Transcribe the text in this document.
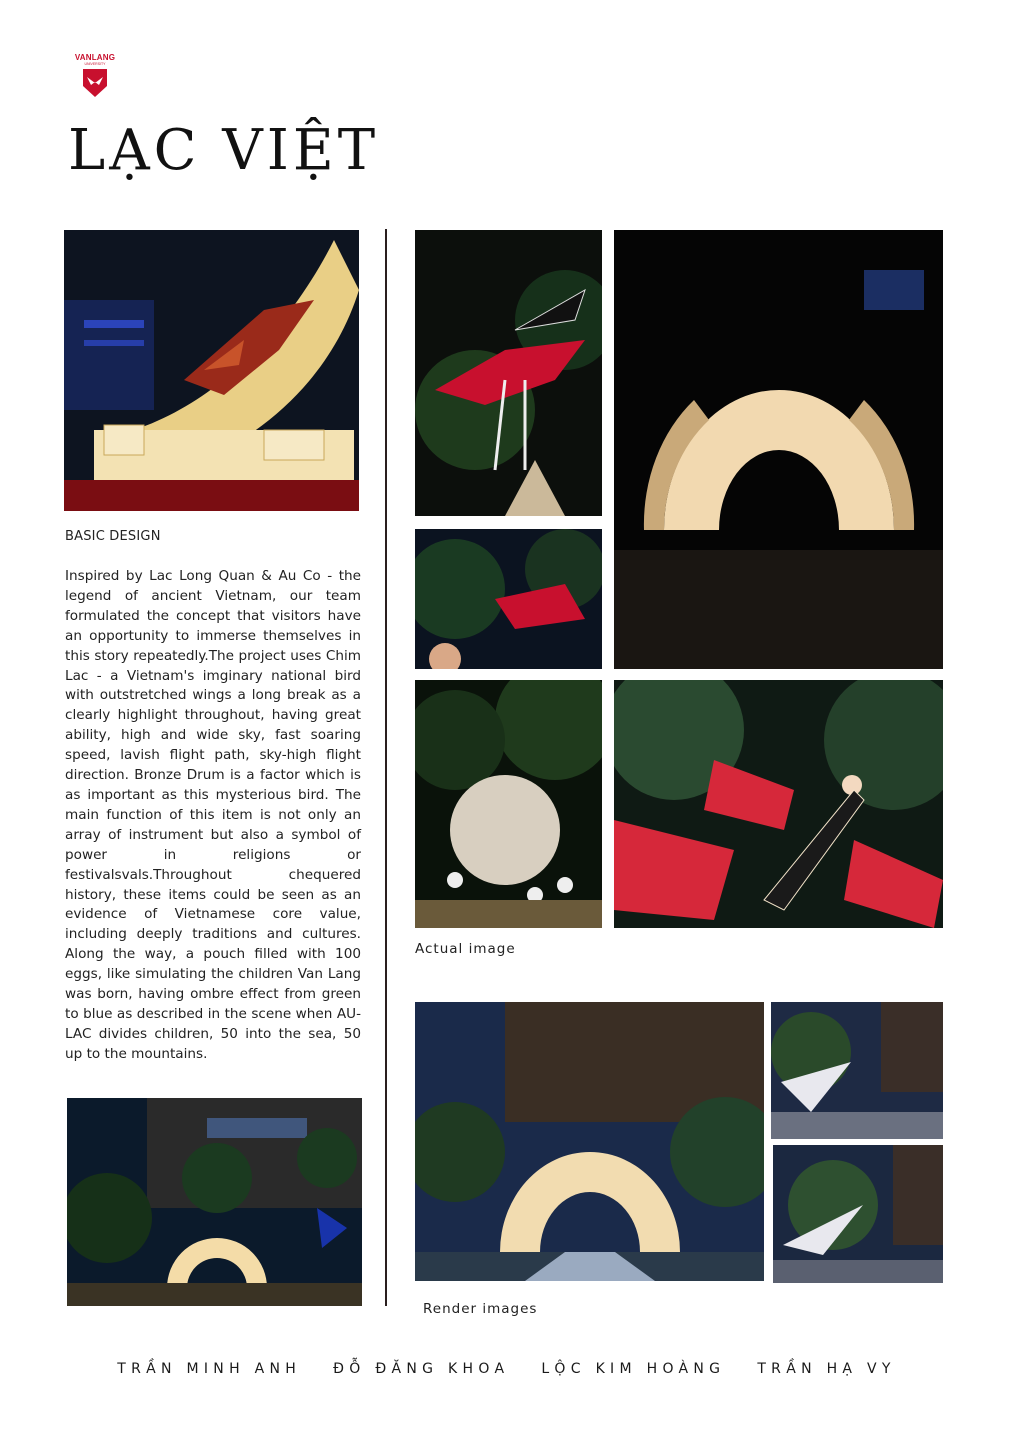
VANLANG
UNIVERSITY
LẠC VIỆT
BASIC DESIGN
Inspired by Lac Long Quan & Au Co - the legend of ancient Vietnam, our team formulated the concept that visitors have an opportunity to immerse themselves in this story repeatedly.The project uses Chim Lac - a Vietnam's imginary national bird with outstretched wings a long break as a clearly highlight throughout, having great ability, high and wide sky, fast soaring speed, lavish flight path, sky-high flight direction. Bronze Drum is a factor which is as important as this mysterious bird. The main function of this item is not only an array of instrument but also a symbol of power in religions or festivalsvals.Throughout chequered history, these items could be seen as an evidence of Vietnamese core value, including deeply traditions and cultures. Along the way, a pouch filled with 100 eggs, like simulating the children Van Lang was born, having ombre effect from green to blue as described in the scene when AU-LAC divides children, 50 into the sea, 50 up to the mountains.
Actual image
Render images
TRẦN MINH ANH ĐỖ ĐĂNG KHOA LỘC KIM HOÀNG TRẦN HẠ VY
